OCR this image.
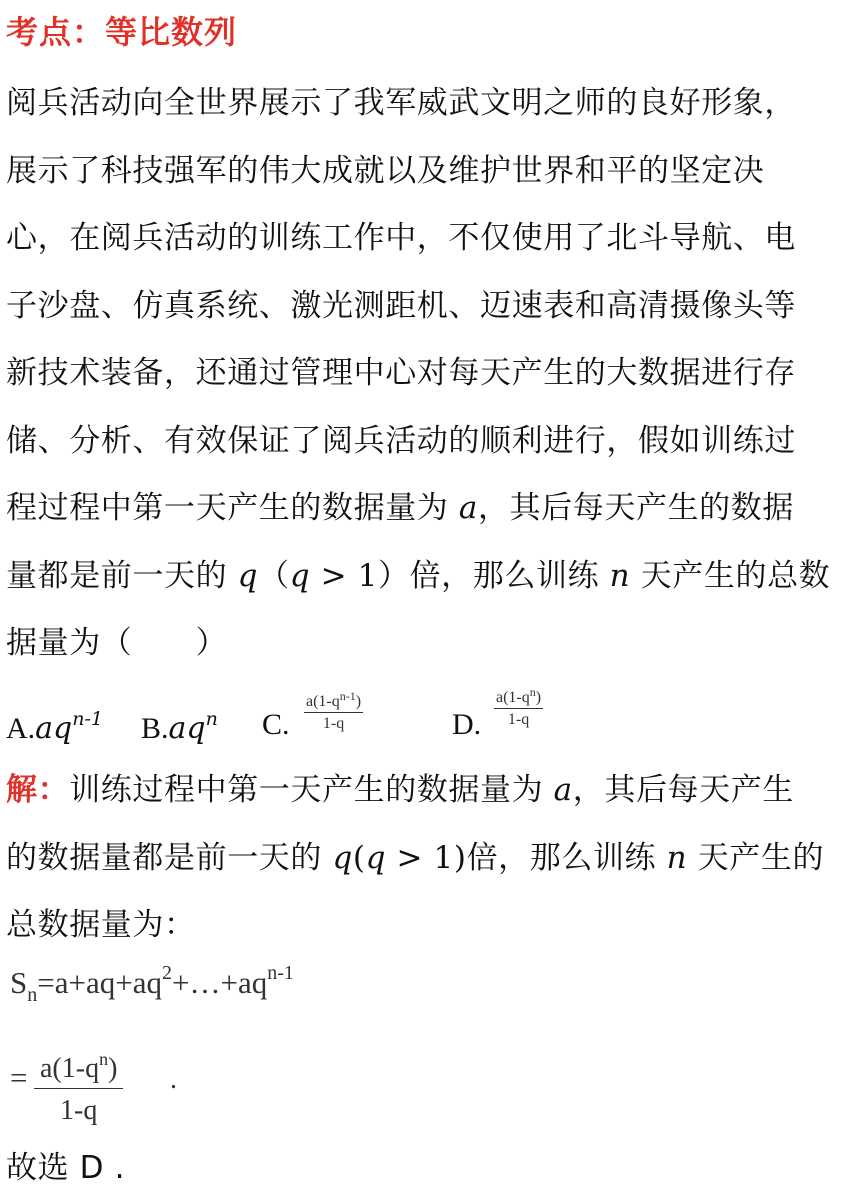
考点：等比数列
阅兵活动向全世界展示了我军威武文明之师的良好形象，
展示了科技强军的伟大成就以及维护世界和平的坚定决
心，在阅兵活动的训练工作中，不仅使用了北斗导航、电
子沙盘、仿真系统、激光测距机、迈速表和高清摄像头等
新技术装备，还通过管理中心对每天产生的大数据进行存
储、分析、有效保证了阅兵活动的顺利进行，假如训练过
程过程中第一天产生的数据量为 a，其后每天产生的数据
量都是前一天的 q（q > 1）倍，那么训练 n 天产生的总数
据量为（　　）
$A.aq^{n-1}$ $B.aq^n$ C. $\frac{a(1-q^{n-1})}{1-q}$	D. $\frac{a(1-q^n)}{1-q}$
解：训练过程中第一天产生的数据量为 a，其后每天产生
的数据量都是前一天的 q(q > 1)倍，那么训练 n 天产生的
总数据量为：
$S_n=a+aq+aq^2+\dots+aq^{n-1}$
= $\frac{a(1-q^n)}{1-q}$ .
故选 D .
